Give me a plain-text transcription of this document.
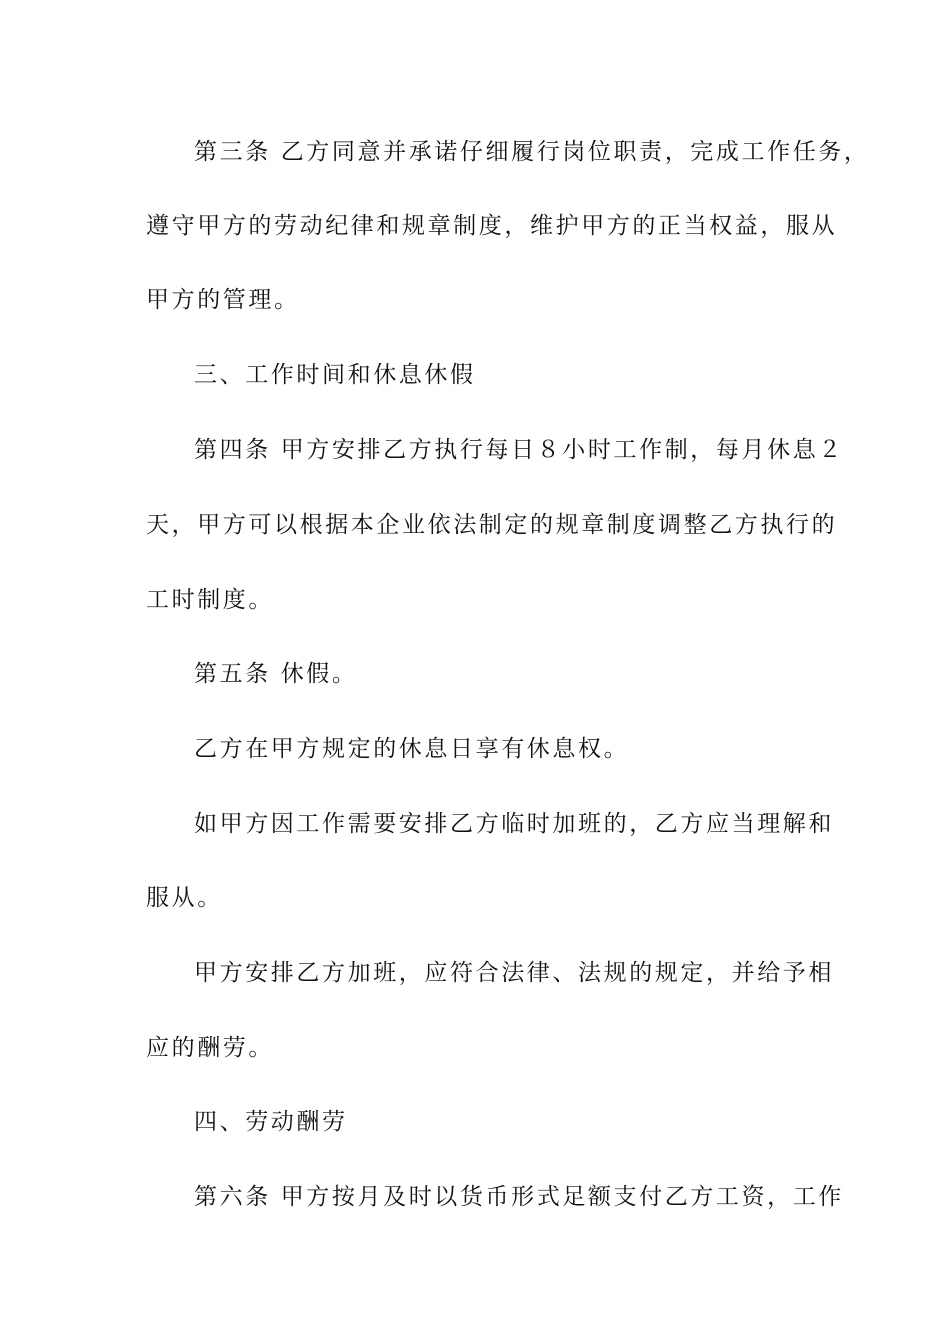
第三条 乙方同意并承诺仔细履行岗位职责，完成工作任务，
遵守甲方的劳动纪律和规章制度，维护甲方的正当权益，服从
甲方的管理。
三、工作时间和休息休假
第四条 甲方安排乙方执行每日８小时工作制，每月休息２
天，甲方可以根据本企业依法制定的规章制度调整乙方执行的
工时制度。
第五条 休假。
乙方在甲方规定的休息日享有休息权。
如甲方因工作需要安排乙方临时加班的，乙方应当理解和
服从。
甲方安排乙方加班，应符合法律、法规的规定，并给予相
应的酬劳。
四、劳动酬劳
第六条 甲方按月及时以货币形式足额支付乙方工资，工作
